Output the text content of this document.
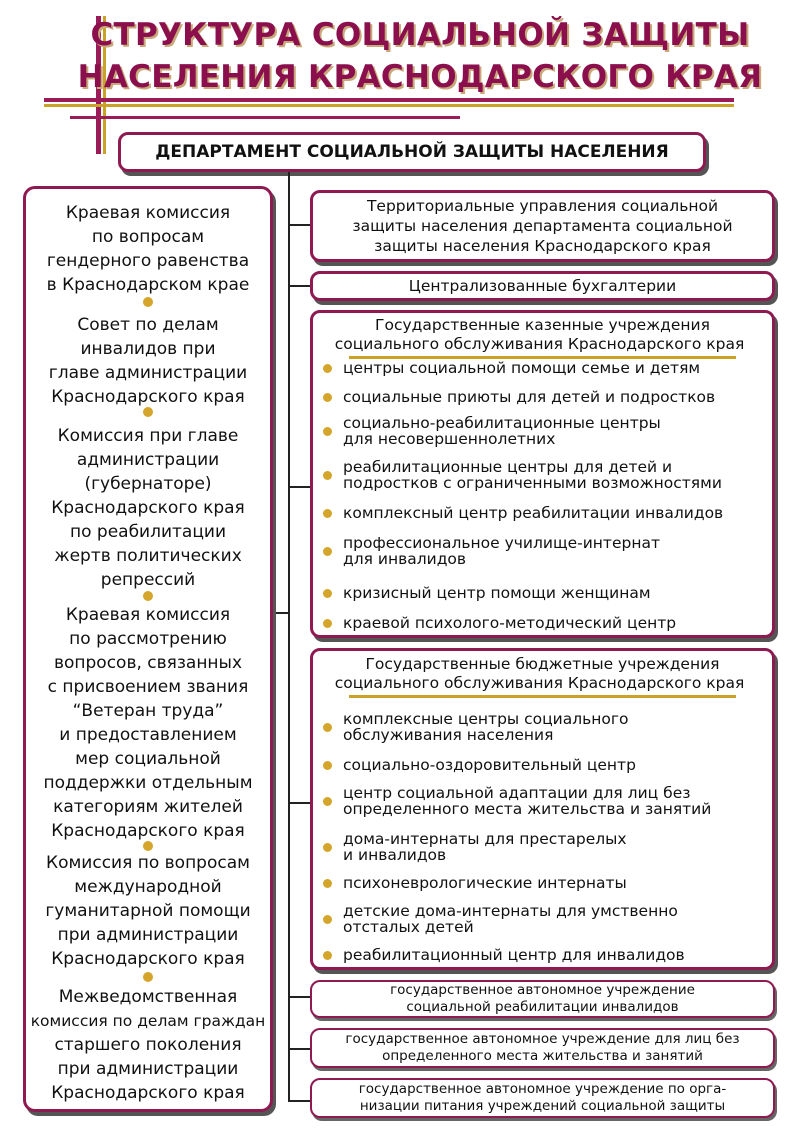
СТРУКТУРА СОЦИАЛЬНОЙ ЗАЩИТЫ
НАСЕЛЕНИЯ КРАСНОДАРСКОГО КРАЯ
ДЕПАРТАМЕНТ СОЦИАЛЬНОЙ ЗАЩИТЫ НАСЕЛЕНИЯ
Краевая комиссия
по вопросам
гендерного равенства
в Краснодарском крае
Совет по делам
инвалидов при
главе администрации
Краснодарского края
Комиссия при главе
администрации
(губернаторе)
Краснодарского края
по реабилитации
жертв политических
репрессий
Краевая комиссия
по рассмотрению
вопросов, связанных
с присвоением звания
“Ветеран труда”
и предоставлением
мер социальной
поддержки отдельным
категориям жителей
Краснодарского края
Комиссия по вопросам
международной
гуманитарной помощи
при администрации
Краснодарского края
Межведомственная
комиссия по делам граждан
старшего поколения
при администрации
Краснодарского края
Территориальные управления социальной
защиты населения департамента социальной
защиты населения Краснодарского края
Централизованные бухгалтерии
Государственные казенные учреждения
социального обслуживания Краснодарского края
центры социальной помощи семье и детям
социальные приюты для детей и подростков
социально-реабилитационные центры
для несовершеннолетних
реабилитационные центры для детей и
подростков с ограниченными возможностями
комплексный центр реабилитации инвалидов
профессиональное училище-интернат
для инвалидов
кризисный центр помощи женщинам
краевой психолого-методический центр
Государственные бюджетные учреждения
социального обслуживания Краснодарского края
комплексные центры социального
обслуживания населения
социально-оздоровительный центр
центр социальной адаптации для лиц без
определенного места жительства и занятий
дома-интернаты для престарелых
и инвалидов
психоневрологические интернаты
детские дома-интернаты для умственно
отсталых детей
реабилитационный центр для инвалидов
государственное автономное учреждение
социальной реабилитации инвалидов
государственное автономное учреждение для лиц без
определенного места жительства и занятий
государственное автономное учреждение по орга-
низации питания учреждений социальной защиты
